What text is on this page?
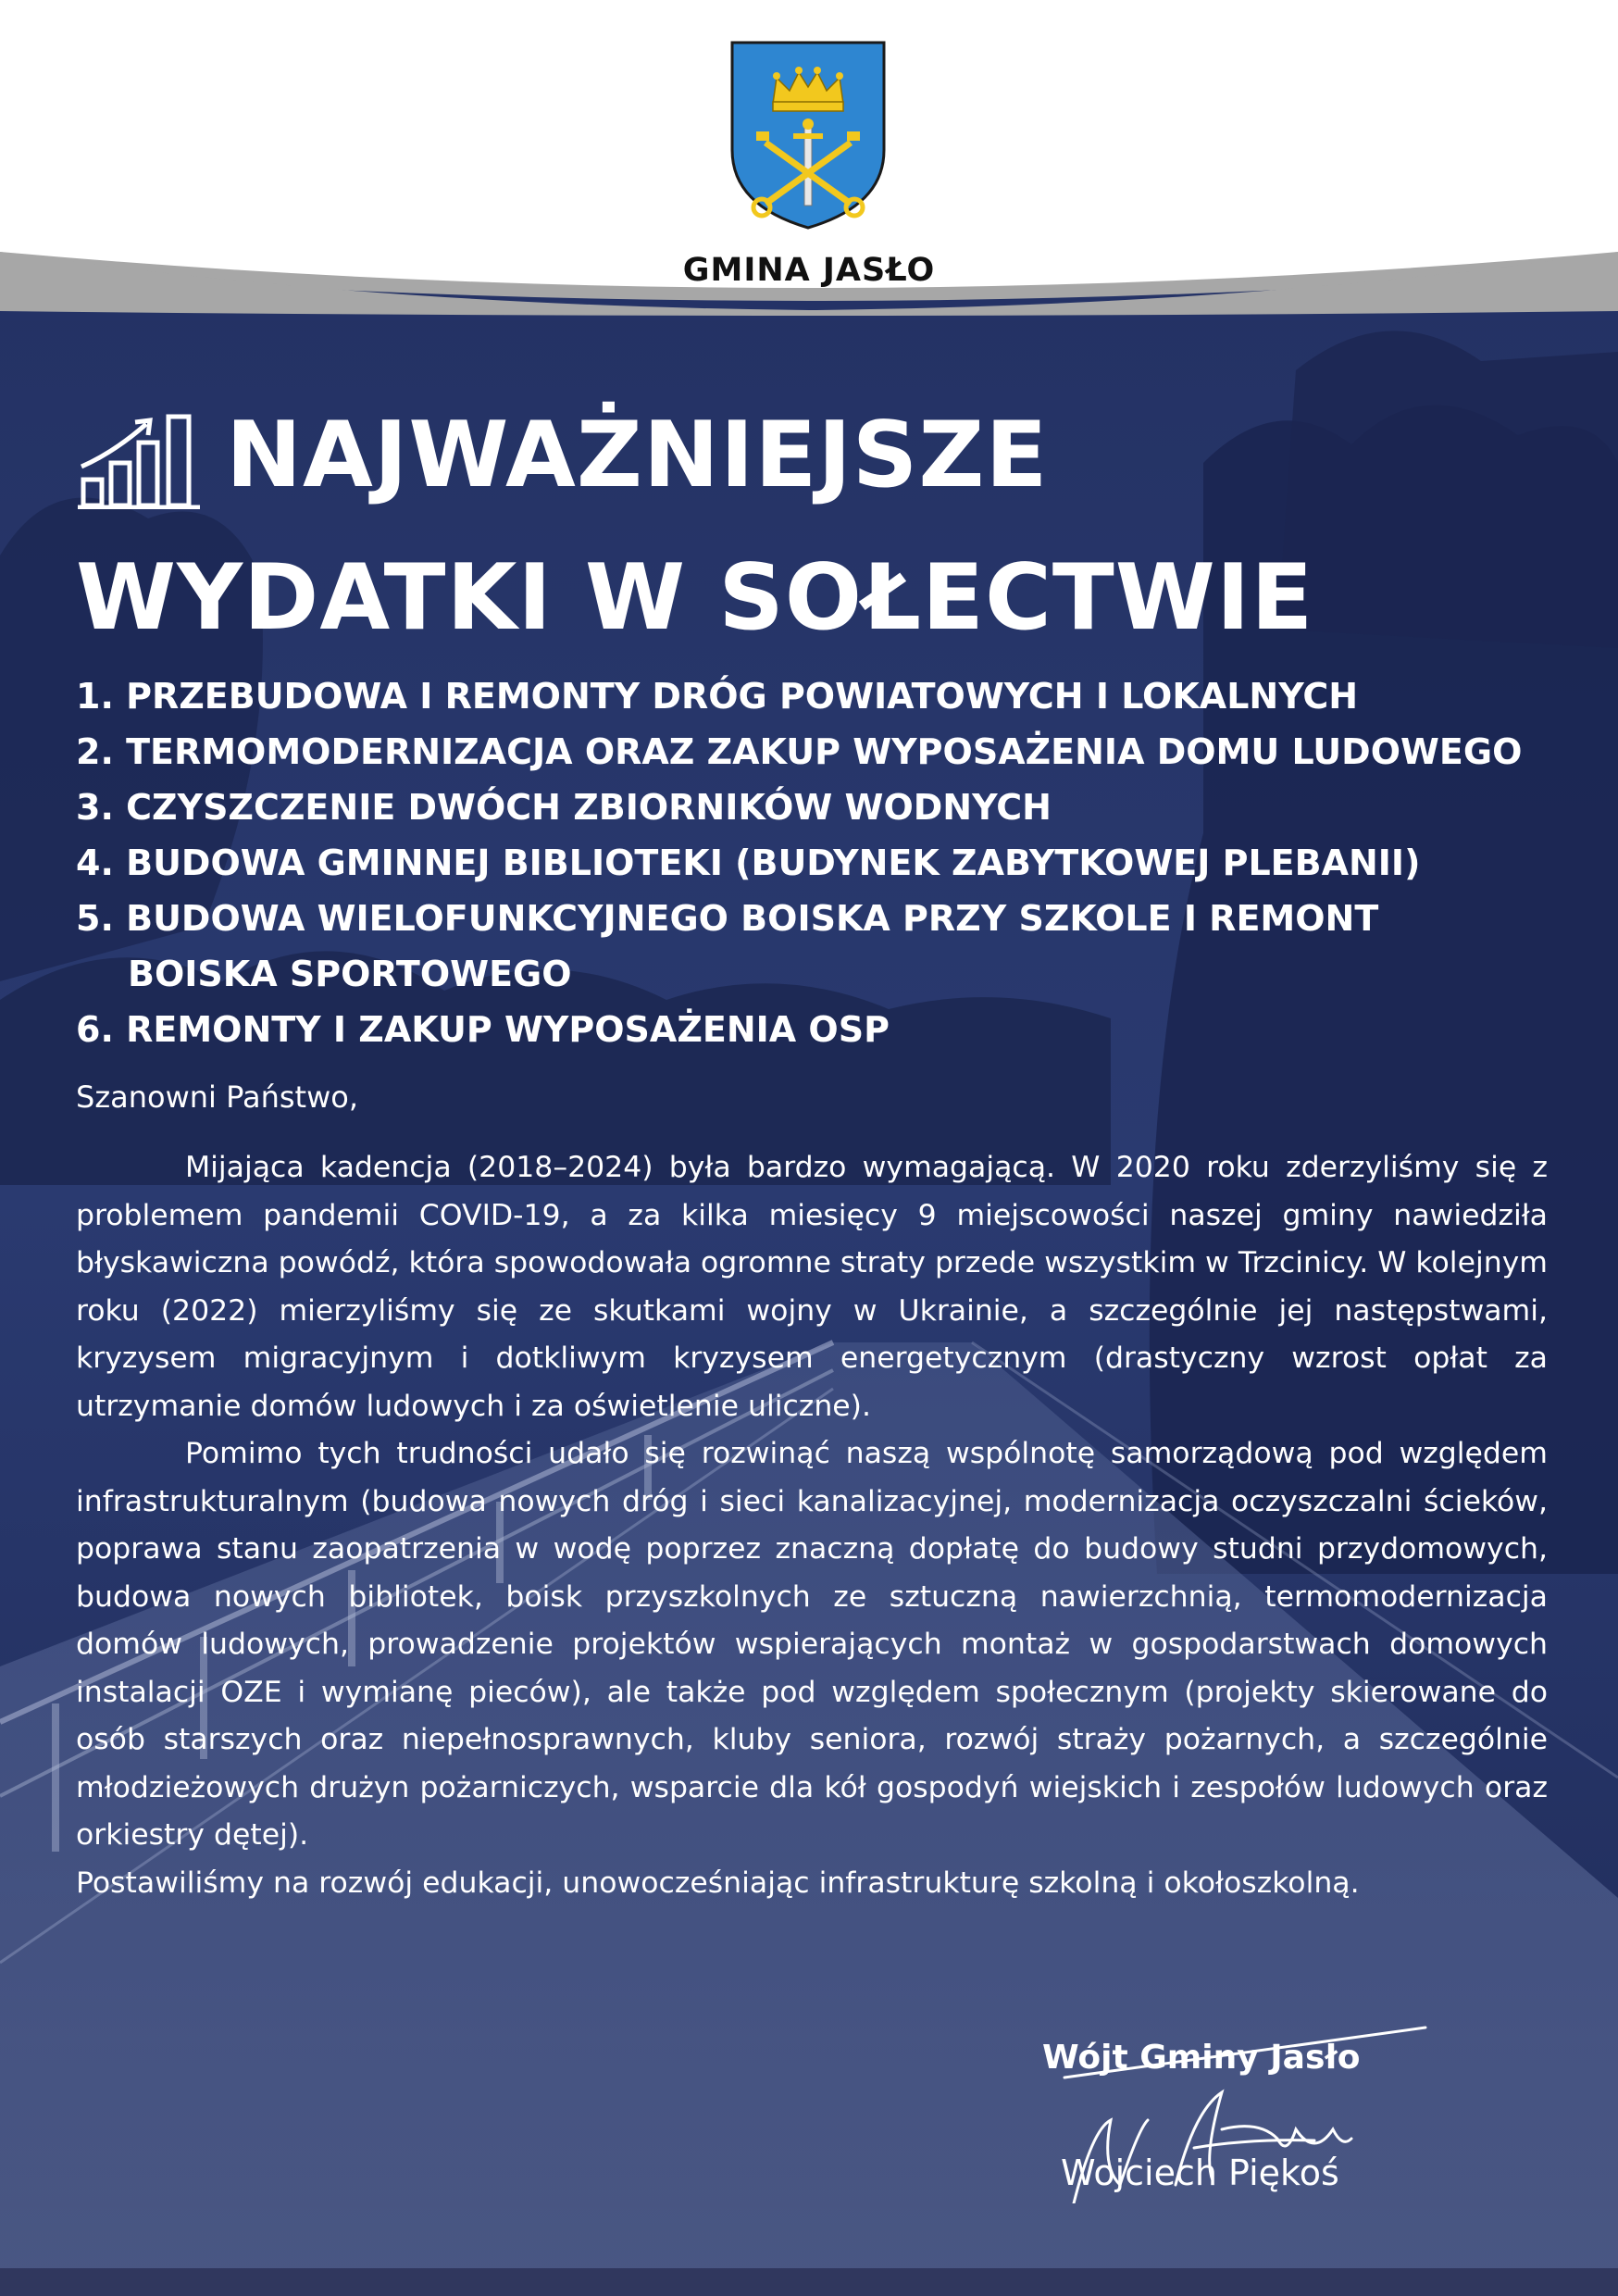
GMINA JASŁO
NAJWAŻNIEJSZE
WYDATKI W SOŁECTWIE
1. PRZEBUDOWA I REMONTY DRÓG POWIATOWYCH I LOKALNYCH
2. TERMOMODERNIZACJA ORAZ ZAKUP WYPOSAŻENIA DOMU LUDOWEGO
3. CZYSZCZENIE DWÓCH ZBIORNIKÓW WODNYCH
4. BUDOWA GMINNEJ BIBLIOTEKI (BUDYNEK ZABYTKOWEJ PLEBANII)
5. BUDOWA WIELOFUNKCYJNEGO BOISKA PRZY SZKOLE I REMONT
BOISKA SPORTOWEGO
6. REMONTY I ZAKUP WYPOSAŻENIA OSP
Szanowni Państwo,

Mijająca kadencja (2018–2024) była bardzo wymagającą. W 2020 roku zderzyliśmy się z problemem pandemii COVID-19, a za kilka miesięcy 9 miejscowości naszej gminy nawiedziła błyskawiczna powódź, która spowodowała ogromne straty przede wszystkim w Trzcinicy. W kolejnym roku (2022) mierzyliśmy się ze skutkami wojny w Ukrainie, a szczególnie jej następstwami, kryzysem migracyjnym i dotkliwym kryzysem energetycznym (drastyczny wzrost opłat za utrzymanie domów ludowych i za oświetlenie uliczne).

Pomimo tych trudności udało się rozwinąć naszą wspólnotę samorządową pod względem infrastrukturalnym (budowa nowych dróg i sieci kanalizacyjnej, modernizacja oczyszczalni ścieków, poprawa stanu zaopatrzenia w wodę poprzez znaczną dopłatę do budowy studni przydomowych, budowa nowych bibliotek, boisk przyszkolnych ze sztuczną nawierzchnią, termomodernizacja domów ludowych, prowadzenie projektów wspierających montaż w gospodarstwach domowych instalacji OZE i wymianę pieców), ale także pod względem społecznym (projekty skierowane do osób starszych oraz niepełnosprawnych, kluby seniora, rozwój straży pożarnych, a szczególnie młodzieżowych drużyn pożarniczych, wsparcie dla kół gospodyń wiejskich i zespołów ludowych oraz orkiestry dętej).

Postawiliśmy na rozwój edukacji, unowocześniając infrastrukturę szkolną i okołoszkolną.

Wójt Gminy Jasło
Wojciech Piękoś
